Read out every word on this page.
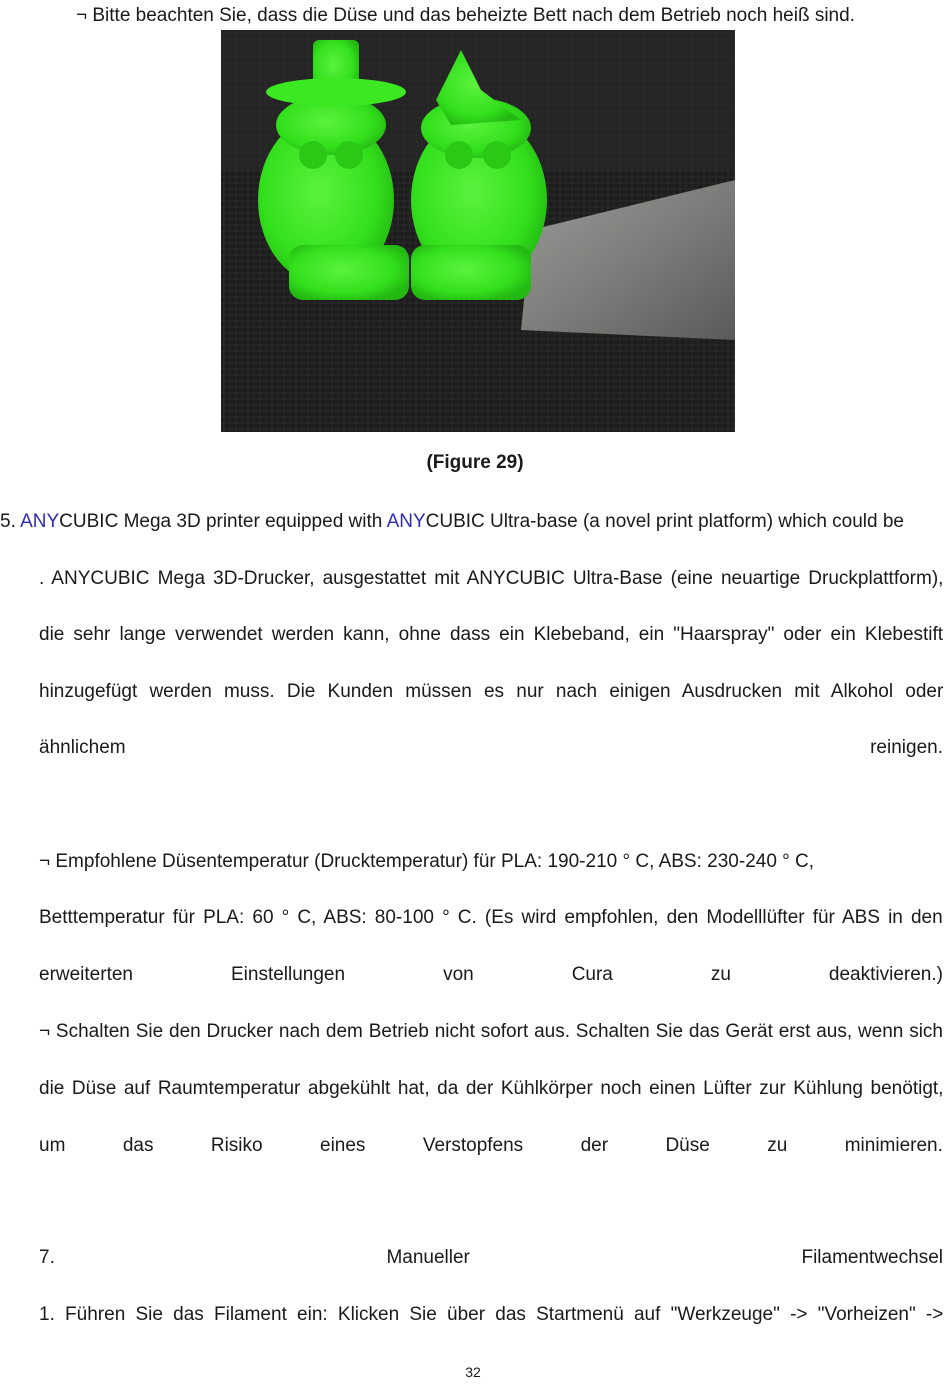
¬ Bitte beachten Sie, dass die Düse und das beheizte Bett nach dem Betrieb noch heiß sind.
(Figure 29)
5. ANYCUBIC Mega 3D printer equipped with ANYCUBIC Ultra-base (a novel print platform) which could be
. ANYCUBIC Mega 3D-Drucker, ausgestattet mit ANYCUBIC Ultra-Base (eine neuartige Druckplattform),
die sehr lange verwendet werden kann, ohne dass ein Klebeband, ein "Haarspray" oder ein Klebestift
hinzugefügt werden muss. Die Kunden müssen es nur nach einigen Ausdrucken mit Alkohol oder
ähnlichem	reinigen.
¬ Empfohlene Düsentemperatur (Drucktemperatur) für PLA: 190-210 ° C, ABS: 230-240 ° C,
Betttemperatur für PLA: 60 ° C, ABS: 80-100 ° C. (Es wird empfohlen, den Modelllüfter für ABS in den
erweiterten	Einstellungen	von	Cura	zu	deaktivieren.)
¬ Schalten Sie den Drucker nach dem Betrieb nicht sofort aus. Schalten Sie das Gerät erst aus, wenn sich
die Düse auf Raumtemperatur abgekühlt hat, da der Kühlkörper noch einen Lüfter zur Kühlung benötigt,
um	das	Risiko	eines	Verstopfens	der	Düse	zu	minimieren.
7.	Manueller	Filamentwechsel
1. Führen Sie das Filament ein: Klicken Sie über das Startmenü auf "Werkzeuge" -> "Vorheizen" ->
32
